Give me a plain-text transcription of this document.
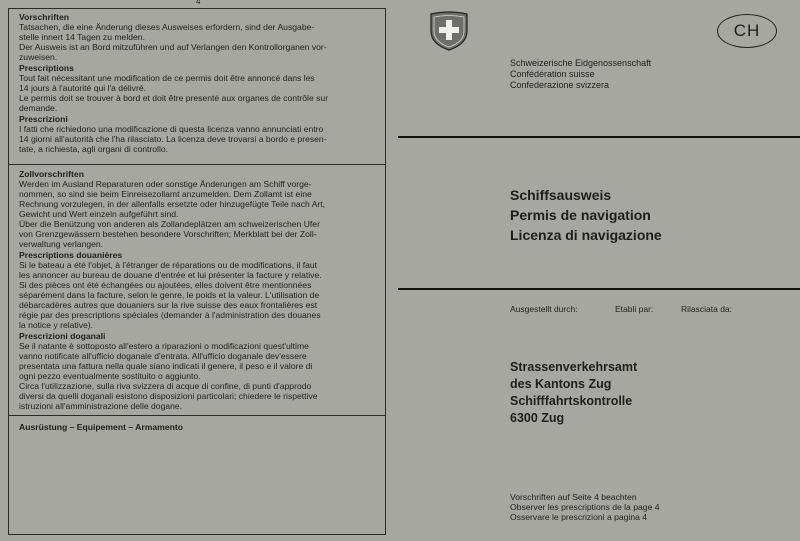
4
Vorschriften
Tatsachen, die eine Änderung dieses Ausweises erfordern, sind der Ausgabe-
stelle innert 14 Tagen zu melden.
Der Ausweis ist an Bord mitzuführen und auf Verlangen den Kontrollorganen vor-
zuweisen.
Prescriptions
Tout fait nécessitant une modification de ce permis doit être annoncé dans les
14 jours à l'autorité qui l'a délivré.
Le permis doit se trouver à bord et doit être presenté aux organes de contrôle sur
demande.
Prescrizioni
I fatti che richiedono una modificazione di questa licenza vanno annunciati entro
14 giorni all'autorità che l'ha rilasciato. La licenza deve trovarsi a bordo e presen-
tate, a richiesta, agli organi di controllo.
Zollvorschriften
Werden im Ausland Reparaturen oder sonstige Änderungen am Schiff vorge-
nommen, so sind sie beim Einreisezollamt anzumelden. Dem Zollamt ist eine
Rechnung vorzulegen, in der allenfalls ersetzte oder hinzugefügte Teile nach Art,
Gewicht und Wert einzeln aufgeführt sind.
Über die Benützung von anderen als Zollandeplätzen am schweizerischen Ufer
von Grenzgewässern bestehen besondere Vorschriften; Merkblatt bei der Zoll-
verwaltung verlangen.
Prescriptions douanières
Si le bateau a été l'objet, à l'étranger de réparations ou de modifications, il faut
les annoncer au bureau de douane d'entrée et lui présenter la facture y relative.
Si des pièces ont été échangées ou ajoutées, elles doivent être mentionnées
séparément dans la facture, selon le genre, le poids et la valeur. L'utilisation de
débarcadères autres que douaniers sur la rive suisse des eaux frontalières est
régie par des prescriptions spéciales (demander à l'administration des douanes
la notice y relative).
Prescrizioni doganali
Se il natante è sottoposto all'estero a riparazioni o modificazioni quest'ultime
vanno notificate all'ufficio doganale d'entrata. All'ufficio doganale dev'essere
presentata una fattura nella quale siano indicati il genere, il peso e il valore di
ogni pezzo eventualmente sostituito o aggiunto.
Circa l'utilizzazione, sulla riva svizzera di acque di confine, di punti d'approdo
diversi da quelli doganali esistono disposizioni particolari; chiedere le rispettive
istruzioni all'amministrazione delle dogane.
Ausrüstung – Equipement – Armamento
CH
Schweizerische Eidgenossenschaft
Confédération suisse
Confederazione svizzera
Schiffsausweis
Permis de navigation
Licenza di navigazione
Ausgestellt durch:	Etabli par:	Rilasciata da:
Strassenverkehrsamt
des Kantons Zug
Schifffahrtskontrolle
6300 Zug
Vorschriften auf Seite 4 beachten
Observer les prescriptions de la page 4
Osservare le prescrizioni a pagina 4
